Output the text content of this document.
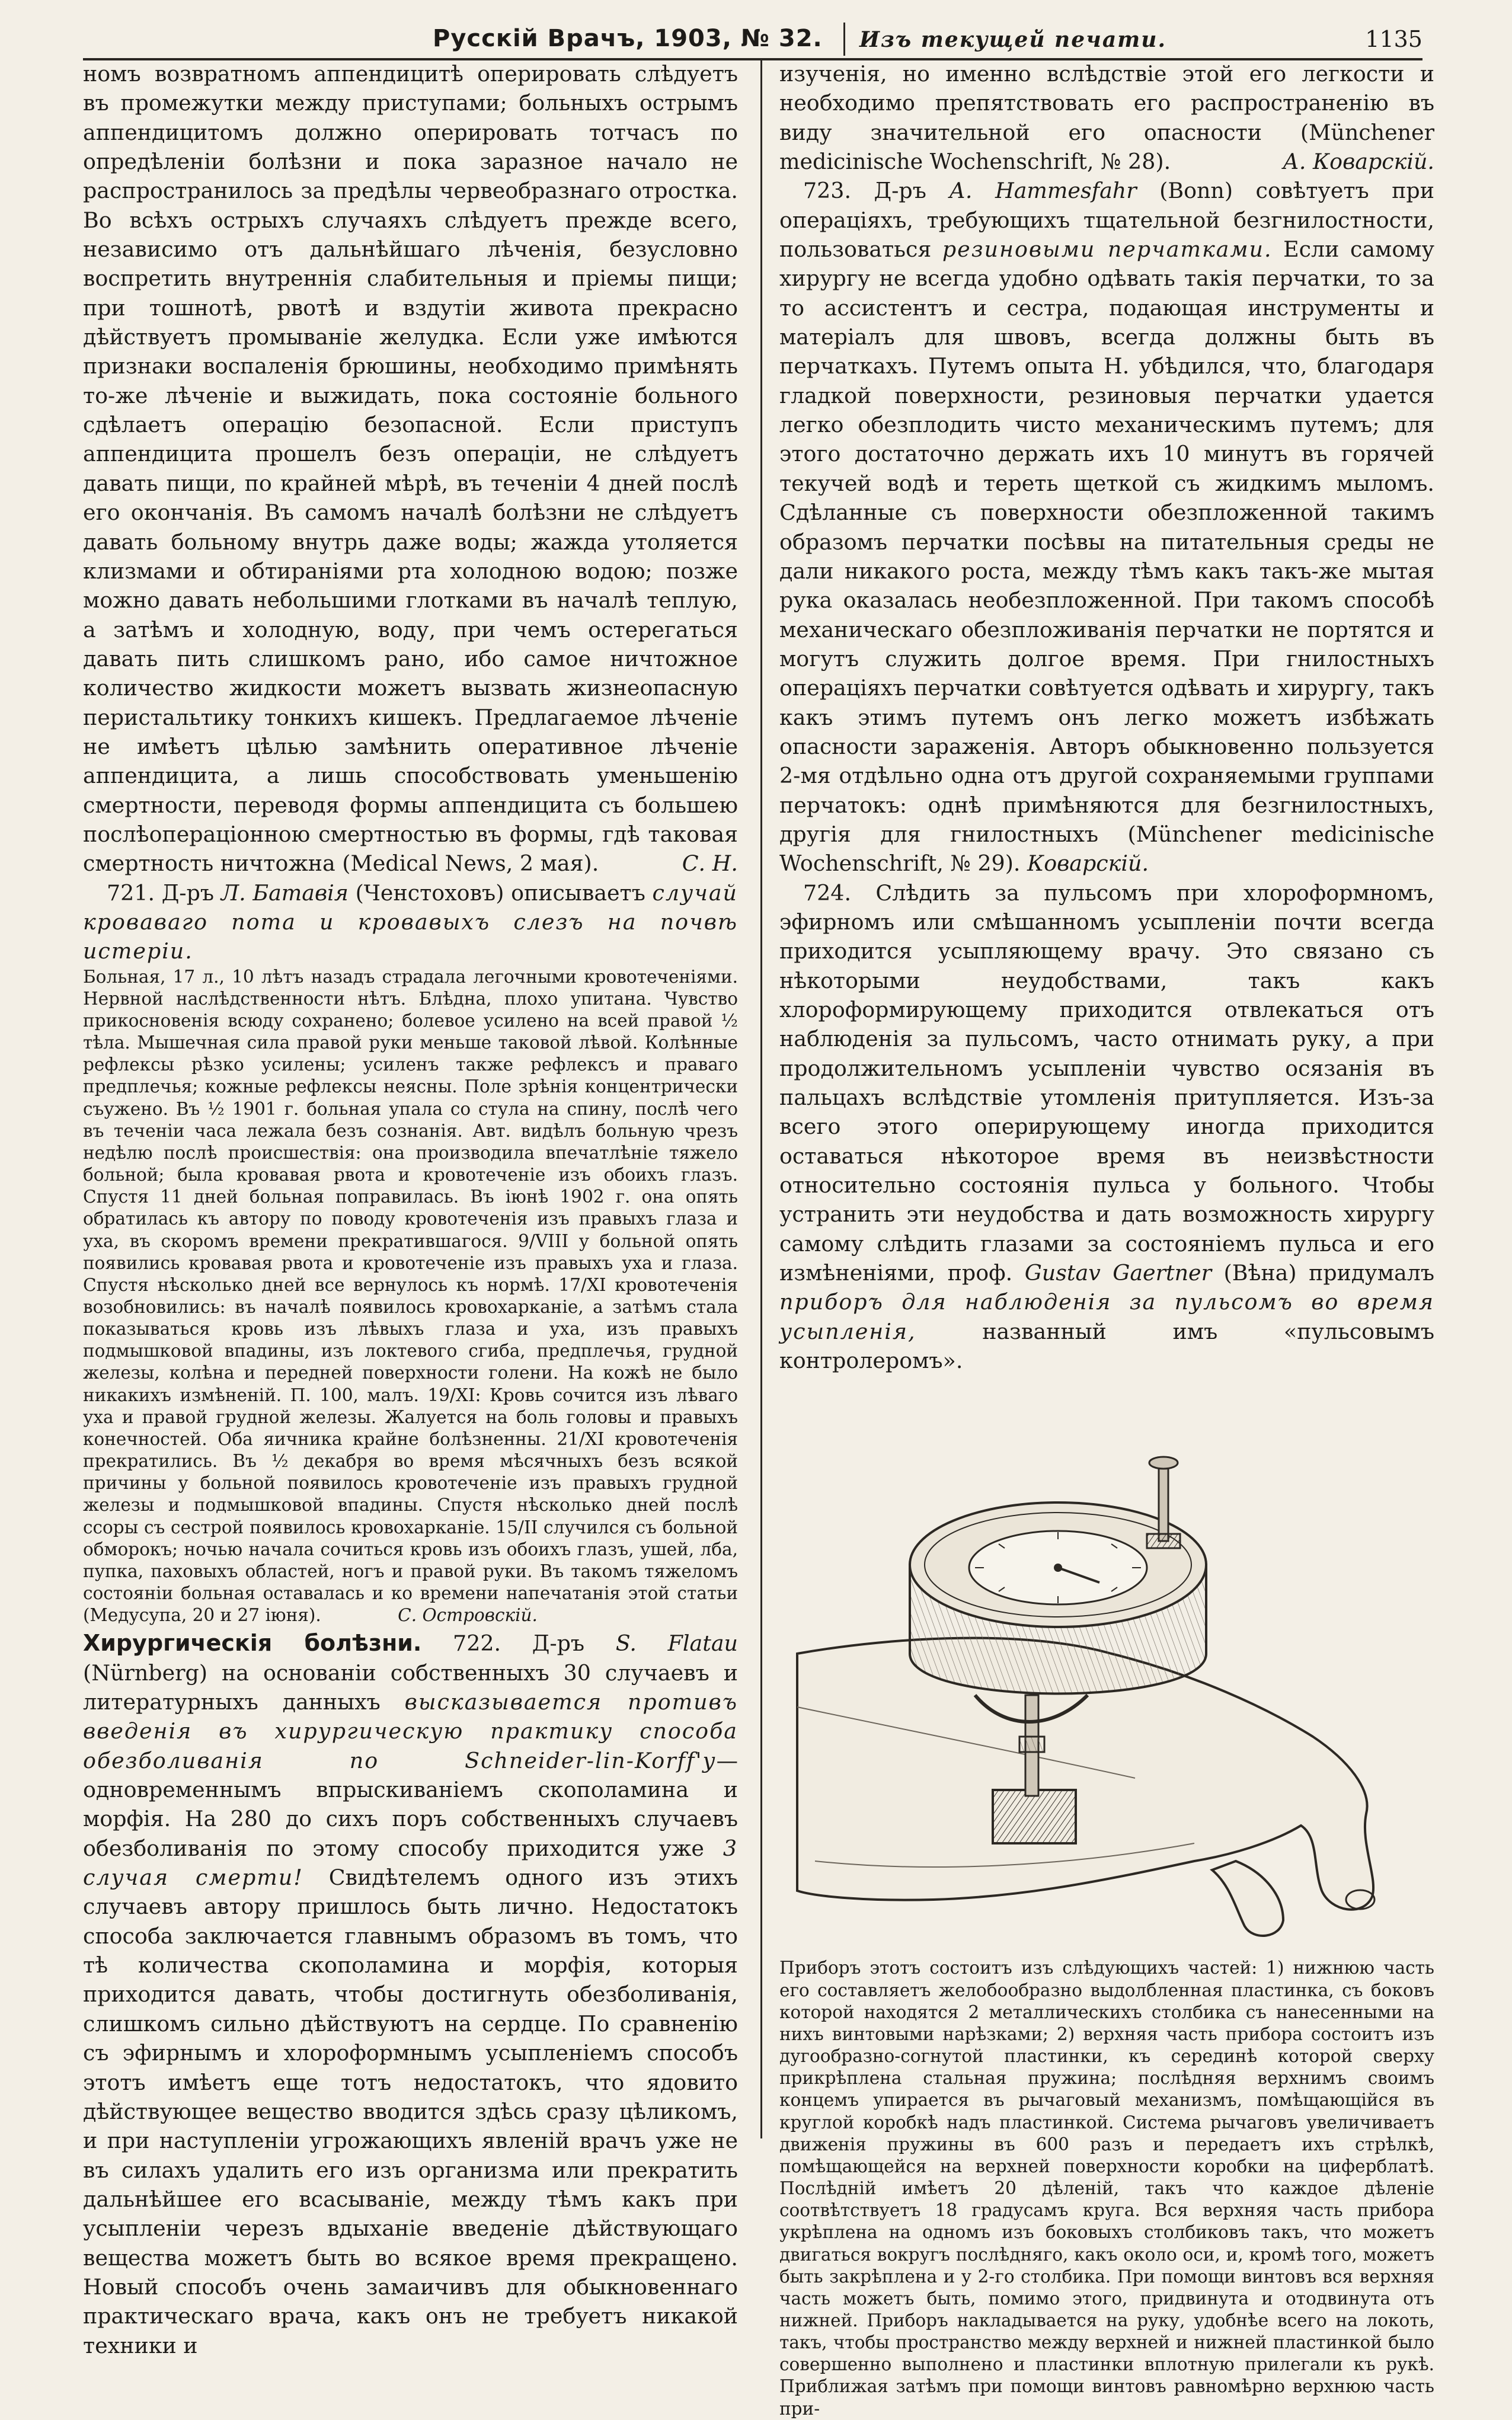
Русскій Врачъ, 1903, № 32. Изъ текущей печати.	1135

номъ возвратномъ аппендицитѣ оперировать слѣдуетъ въ промежутки между приступами; больныхъ острымъ аппендицитомъ должно оперировать тотчасъ по опредѣленіи болѣзни и пока заразное начало не распространилось за предѣлы червеобразнаго отростка. Во всѣхъ острыхъ случаяхъ слѣдуетъ прежде всего, независимо отъ дальнѣйшаго лѣченія, безусловно воспретить внутреннія слабительныя и пріемы пищи; при тошнотѣ, рвотѣ и вздутіи живота прекрасно дѣйствуетъ промываніе желудка. Если уже имѣются признаки воспаленія брюшины, необходимо примѣнять то-же лѣченіе и выжидать, пока состояніе больного сдѣлаетъ операцію безопасной. Если приступъ аппендицита прошелъ безъ операціи, не слѣдуетъ давать пищи, по крайней мѣрѣ, въ теченіи 4 дней послѣ его окончанія. Въ самомъ началѣ болѣзни не слѣдуетъ давать больному внутрь даже воды; жажда утоляется клизмами и обтираніями рта холодною водою; позже можно давать небольшими глотками въ началѣ теплую, а затѣмъ и холодную, воду, при чемъ остерегаться давать пить слишкомъ рано, ибо самое ничтожное количество жидкости можетъ вызвать жизнеопасную перистальтику тонкихъ кишекъ. Предлагаемое лѣченіе не имѣетъ цѣлью замѣнить оперативное лѣченіе аппендицита, а лишь способствовать уменьшенію смертности, переводя формы аппендицита съ большею послѣоперaціонною смертностью въ формы, гдѣ таковая смертность ничтожна (Medical News, 2 мая).	С. Н.

721. Д-ръ Л. Батавія (Ченстоховъ) описываетъ случай кроваваго пота и кровавыхъ слезъ на почвѣ истеріи.

Больная, 17 л., 10 лѣтъ назадъ страдала легочными кровотеченіями. Нервной наслѣдственности нѣтъ. Блѣдна, плохо упитана. Чувство прикосновенія всюду сохранено; болевое усилено на всей правой ½ тѣла. Мышечная сила правой руки меньше таковой лѣвой. Колѣнные рефлексы рѣзко усилены; усиленъ также рефлексъ и праваго предплечья; кожные рефлексы неясны. Поле зрѣнія концентрически съужено. Въ ½ 1901 г. больная упала со стула на спину, послѣ чего въ теченіи часа лежала безъ сознанія. Авт. видѣлъ больную чрезъ недѣлю послѣ происшествія: она производила впечатлѣніе тяжело больной; была кровавая рвота и кровотеченіе изъ обоихъ глазъ. Спустя 11 дней больная поправилась. Въ іюнѣ 1902 г. она опять обратилась къ автору по поводу кровотеченія изъ правыхъ глаза и уха, въ скоромъ времени прекратившагося. 9/VIII у больной опять появились кровавая рвота и кровотеченіе изъ правыхъ уха и глаза. Спустя нѣсколько дней все вернулось къ нормѣ. 17/XI кровотеченія возобновились: въ началѣ появилось кровохарканіе, а затѣмъ стала показываться кровь изъ лѣвыхъ глаза и уха, изъ правыхъ подмышковой впадины, изъ локтевого сгиба, предплечья, грудной железы, колѣна и передней поверхности голени. На кожѣ не было никакихъ измѣненій. П. 100, малъ. 19/XI: Кровь сочится изъ лѣваго уха и правой грудной железы. Жалуется на боль головы и правыхъ конечностей. Оба яичника крайне болѣзненны. 21/XI кровотеченія прекратились. Въ ½ декабря во время мѣсячныхъ безъ всякой причины у больной появилось кровотеченіе изъ правыхъ грудной железы и подмышковой впадины. Спустя нѣсколько дней послѣ ссоры съ сестрой появилось кровохарканіе. 15/II случился съ больной обморокъ; ночью начала сочиться кровь изъ обоихъ глазъ, ушей, лба, пупка, паховыхъ областей, ногъ и правой руки. Въ такомъ тяжеломъ состояніи больная оставалась и ко времени напечатанія этой статьи (Медусупа, 20 и 27 іюня).	С. Островскій.

Хирургическія болѣзни. 722. Д-ръ S. Flatau (Nürnberg) на основаніи собственныхъ 30 случаевъ и литературныхъ данныхъ высказывается противъ введенія въ хирургическую практику способа обезболиванія по Schneider-lin-Korff'у—одновременнымъ впрыскиваніемъ скополамина и морфія. На 280 до сихъ поръ собственныхъ случаевъ обезболиванія по этому способу приходится уже 3 случая смерти! Свидѣтелемъ одного изъ этихъ случаевъ автору пришлось быть лично. Недостатокъ способа заключается главнымъ образомъ въ томъ, что тѣ количества скополамина и морфія, которыя приходится давать, чтобы достигнуть обезболиванія, слишкомъ сильно дѣйствуютъ на сердце. По сравненію съ эфирнымъ и хлороформнымъ усыпленіемъ способъ этотъ имѣетъ еще тотъ недостатокъ, что ядовито дѣйствующее вещество вводится здѣсь сразу цѣликомъ, и при наступленіи угрожающихъ явленій врачъ уже не въ силахъ удалить его изъ организма или прекратить дальнѣйшее его всасываніе, между тѣмъ какъ при усыпленіи черезъ вдыханіе введеніе дѣйствующаго вещества можетъ быть во всякое время прекращено. Новый способъ очень замаичивъ для обыкновеннаго практическаго врача, какъ онъ не требуетъ никакой техники и

изученія, но именно вслѣдствіе этой его легкости и необходимо препятствовать его распространенію въ виду значительной его опасности (Münchener medicinische Wochenschrift, № 28).	А. Коварскій.

723. Д-ръ А. Hammesfahr (Bonn) совѣтуетъ при операціяхъ, требующихъ тщательной безгнилостности, пользоваться резиновыми перчатками. Если самому хирургу не всегда удобно одѣвать такія перчатки, то за то ассистентъ и сестра, подающая инструменты и матеріалъ для швовъ, всегда должны быть въ перчаткахъ. Путемъ опыта Н. убѣдился, что, благодаря гладкой поверхности, резиновыя перчатки удается легко обезплодить чисто механическимъ путемъ; для этого достаточно держать ихъ 10 минутъ въ горячей текучей водѣ и тереть щеткой съ жидкимъ мыломъ. Сдѣланные съ поверхности обезпложенной такимъ образомъ перчатки посѣвы на питательныя среды не дали никакого роста, между тѣмъ какъ такъ-же мытая рука оказалась необезпложенной. При такомъ способѣ механическаго обезпложиванія перчатки не портятся и могутъ служить долгое время. При гнилостныхъ операціяхъ перчатки совѣтуется одѣвать и хирургу, такъ какъ этимъ путемъ онъ легко можетъ избѣжать опасности зараженія. Авторъ обыкновенно пользуется 2-мя отдѣльно одна отъ другой сохраняемыми группами перчатокъ: однѣ примѣняются для безгнилостныхъ, другія для гнилостныхъ (Münchener medicinische Wochenschrift, № 29). Коварскій.

724. Слѣдить за пульсомъ при хлороформномъ, эфирномъ или смѣшанномъ усыпленіи почти всегда приходится усыпляющему врачу. Это связано съ нѣкоторыми неудобствами, такъ какъ хлороформирующему приходится отвлекаться отъ наблюденія за пульсомъ, часто отнимать руку, а при продолжительномъ усыпленіи чувство осязанія въ пальцахъ вслѣдствіе утомленія притупляется. Изъ-за всего этого оперирующему иногда приходится оставаться нѣкоторое время въ неизвѣстности относительно состоянія пульса у больного. Чтобы устранить эти неудобства и дать возможность хирургу самому слѣдить глазами за состояніемъ пульса и его измѣненіями, проф. Gustav Gaertner (Вѣна) придумалъ приборъ для наблюденія за пульсомъ во время усыпленія,	названный имъ «пульсовымъ контролеромъ».

Приборъ этотъ состоитъ изъ слѣдующихъ частей: 1) нижнюю часть его составляетъ желобообразно выдолбленная пластинка, съ боковъ которой находятся 2 металлическихъ столбика съ нанесенными на нихъ винтовыми нарѣзками; 2) верхняя часть прибора состоитъ изъ дугообразно-согнутой пластинки, къ серединѣ которой сверху прикрѣплена стальная пружина; послѣдняя верхнимъ своимъ концемъ упирается въ рычаговый механизмъ, помѣщающійся въ круглой коробкѣ надъ пластинкой. Система рычаговъ увеличиваетъ движенія пружины въ 600 разъ и передаетъ ихъ стрѣлкѣ, помѣщающейся на верхней поверхности коробки на циферблатѣ. Послѣдній имѣетъ 20 дѣленій, такъ что каждое дѣленіе соотвѣтствуетъ 18 градусамъ круга. Вся верхняя часть прибора укрѣплена на одномъ изъ боковыхъ столбиковъ такъ, что можетъ двигаться вокругъ послѣдняго, какъ около оси, и, кромѣ того, можетъ быть закрѣплена и у 2-го столбика. При помощи винтовъ вся верхняя часть можетъ быть, помимо этого, придвинута и отодвинута отъ нижней. Приборъ накладывается на руку, удобнѣе всего на локоть, такъ, чтобы пространство между верхней и нижней пластинкой было совершенно выполнено и пластинки вплотную прилегали къ рукѣ. Приближая затѣмъ при помощи винтовъ равномѣрно верхнюю часть при-
